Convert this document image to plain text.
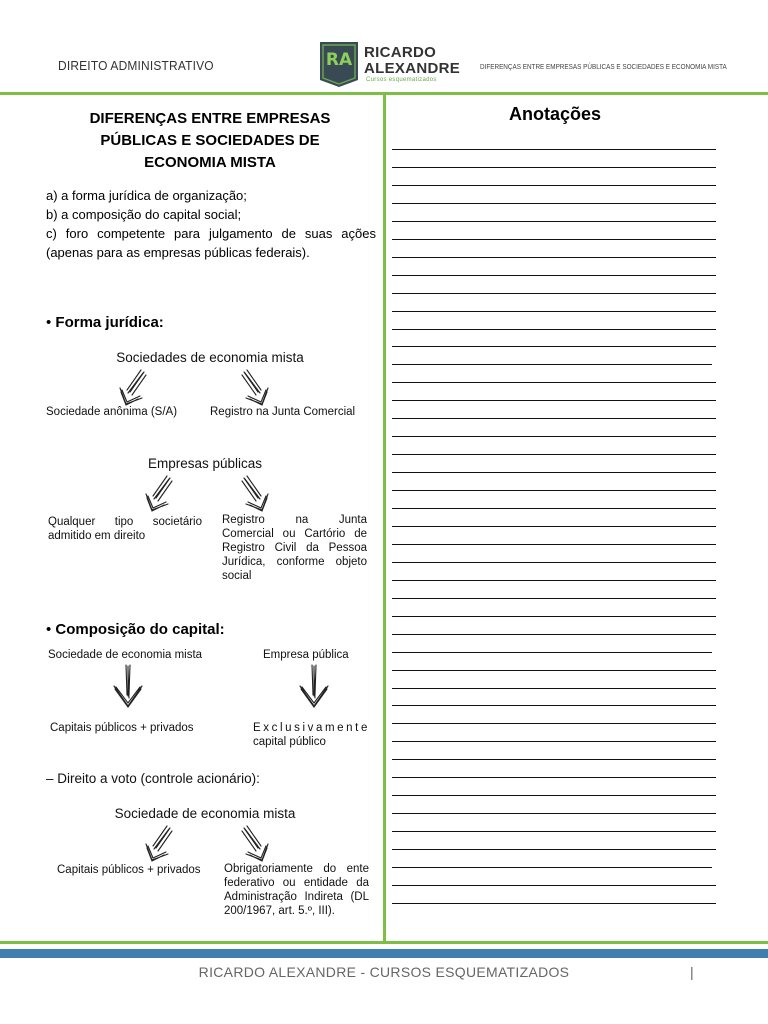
DIREITO ADMINISTRATIVO	RA RICARDO
ALEXANDRE
Cursos esquematizados
DIFERENÇAS ENTRE EMPRESAS PÚBLICAS E SOCIEDADES E ECONOMIA MISTA
DIFERENÇAS ENTRE EMPRESAS
PÚBLICAS E SOCIEDADES DE
ECONOMIA MISTA
a) a forma jurídica de organização;
b) a composição do capital social;
c) foro competente para julgamento de suas ações (apenas para as empresas públicas federais).
• Forma jurídica:
Sociedades de economia mista
Sociedade anônima (S/A)	Registro na Junta Comercial
Empresas públicas
Qualquer tipo societário admitido em direito
Registro na Junta Comercial ou Cartório de Registro Civil da Pessoa Jurídica, conforme objeto social
• Composição do capital:
Sociedade de economia mista	Empresa pública
Capitais públicos + privados	Exclusivamente
capital público
– Direito a voto (controle acionário):
Sociedade de economia mista
Capitais públicos + privados Obrigatoriamente do ente federativo ou entidade da Administração Indireta (DL 200/1967, art. 5.º, III).
Anotações
RICARDO ALEXANDRE - CURSOS ESQUEMATIZADOS	|
